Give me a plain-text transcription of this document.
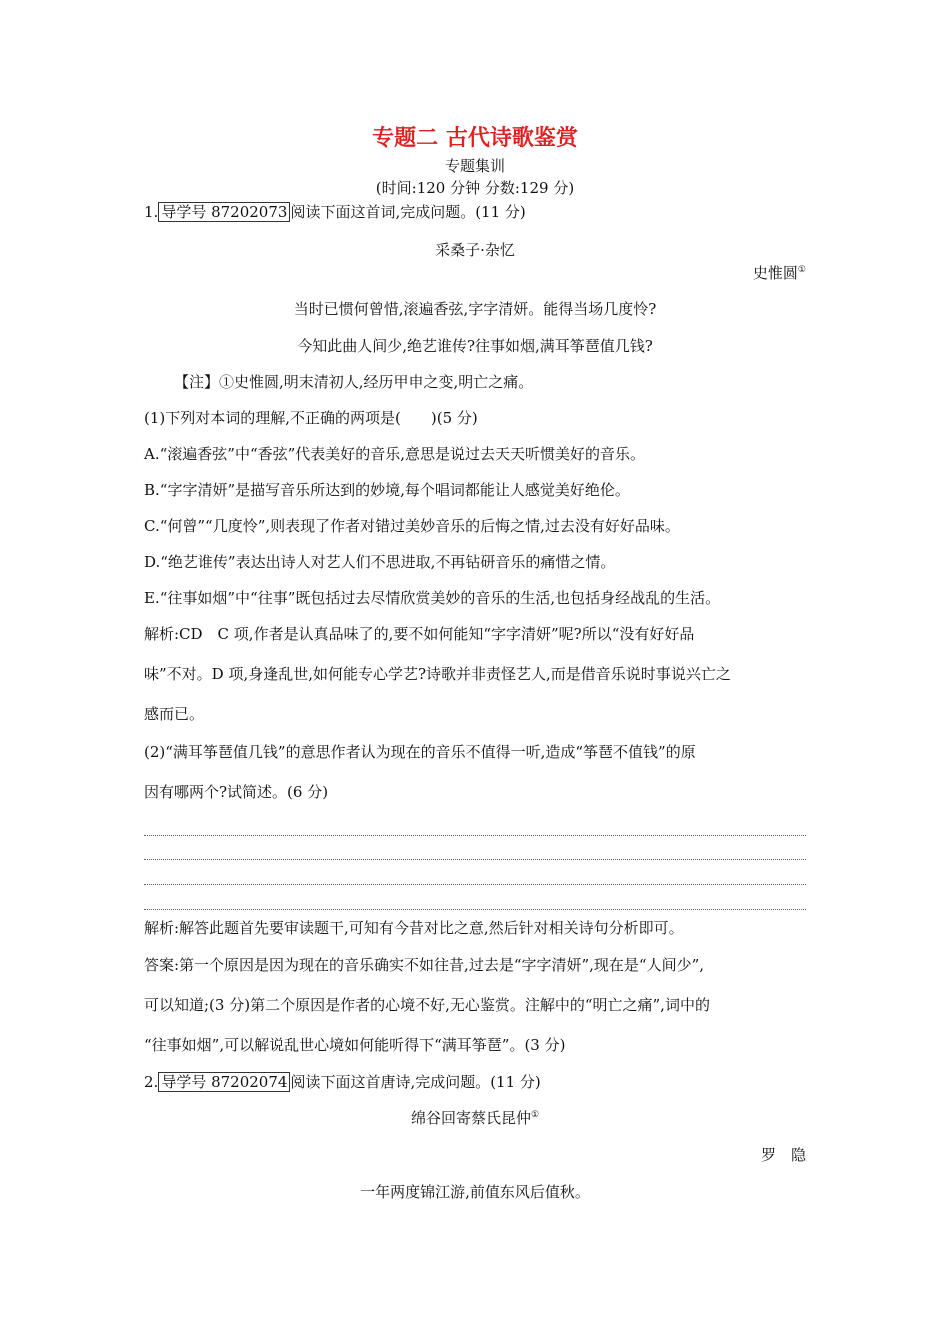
专题二 古代诗歌鉴赏
专题集训
(时间:120 分钟 分数:129 分)
1. 导学号 87202073 阅读下面这首词,完成问题。(11 分)
采桑子·杂忆
史惟圆①
当时已惯何曾惜,滚遍香弦,字字清妍。能得当场几度怜?
今知此曲人间少,绝艺谁传?往事如烟,满耳筝琶值几钱?
【注】①史惟圆,明末清初人,经历甲申之变,明亡之痛。
(1)下列对本词的理解,不正确的两项是(　　)(5 分)
A.“滚遍香弦”中“香弦”代表美好的音乐,意思是说过去天天听惯美好的音乐。
B.“字字清妍”是描写音乐所达到的妙境,每个唱词都能让人感觉美好绝伦。
C.“何曾”“几度怜”,则表现了作者对错过美妙音乐的后悔之情,过去没有好好品味。
D.“绝艺谁传”表达出诗人对艺人们不思进取,不再钻研音乐的痛惜之情。
E.“往事如烟”中“往事”既包括过去尽情欣赏美妙的音乐的生活,也包括身经战乱的生活。
解析:CD　C 项,作者是认真品味了的,要不如何能知“字字清妍”呢?所以“没有好好品
味”不对。D 项,身逢乱世,如何能专心学艺?诗歌并非责怪艺人,而是借音乐说时事说兴亡之
感而已。
(2)“满耳筝琶值几钱”的意思作者认为现在的音乐不值得一听,造成“筝琶不值钱”的原
因有哪两个?试简述。(6 分)
解析:解答此题首先要审读题干,可知有今昔对比之意,然后针对相关诗句分析即可。
答案:第一个原因是因为现在的音乐确实不如往昔,过去是“字字清妍”,现在是“人间少”,
可以知道;(3 分)第二个原因是作者的心境不好,无心鉴赏。注解中的“明亡之痛”,词中的
“往事如烟”,可以解说乱世心境如何能听得下“满耳筝琶”。(3 分)
2. 导学号 87202074 阅读下面这首唐诗,完成问题。(11 分)
绵谷回寄蔡氏昆仲①
罗　隐
一年两度锦江游,前值东风后值秋。
